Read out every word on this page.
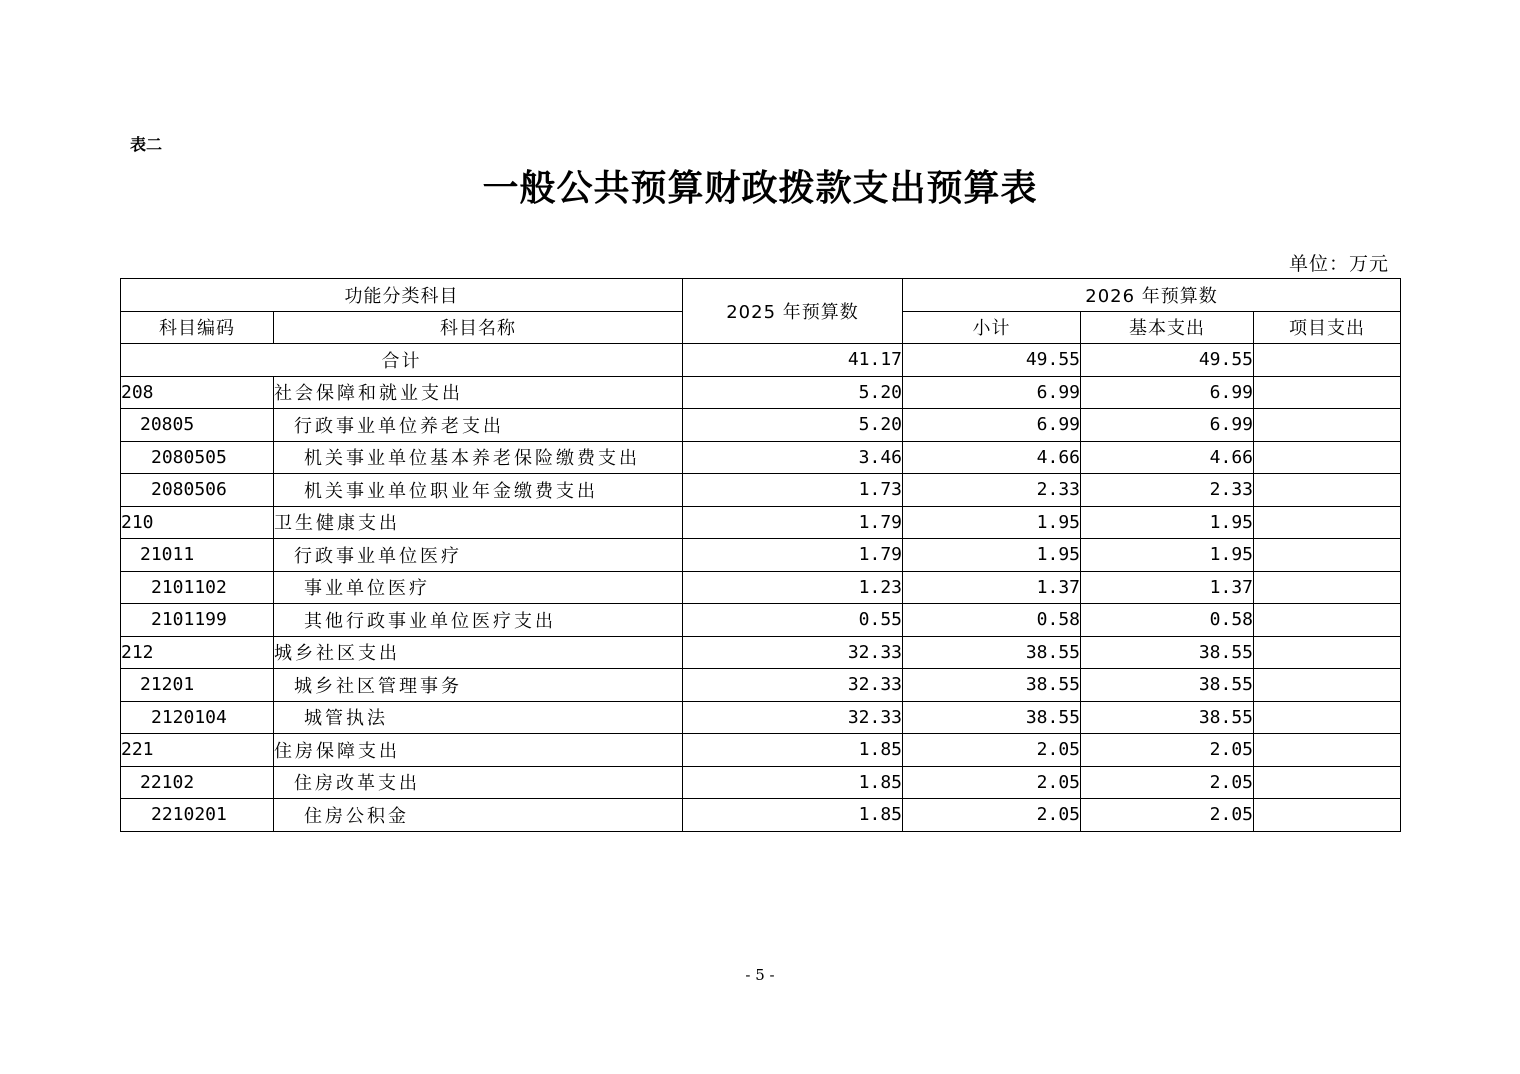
表二
一般公共预算财政拨款支出预算表
单位：万元
功能分类科目		2025 年预算数	2026 年预算数		
科目编码	科目名称		小计	基本支出	项目支出
合计		41.17	49.55	49.55	
208	社会保障和就业支出	5.20	6.99	6.99	
20805	行政事业单位养老支出	5.20	6.99	6.99	
2080505	机关事业单位基本养老保险缴费支出	3.46	4.66	4.66	
2080506	机关事业单位职业年金缴费支出	1.73	2.33	2.33	
210	卫生健康支出	1.79	1.95	1.95	
21011	行政事业单位医疗	1.79	1.95	1.95	
2101102	事业单位医疗	1.23	1.37	1.37	
2101199	其他行政事业单位医疗支出	0.55	0.58	0.58	
212	城乡社区支出	32.33	38.55	38.55	
21201	城乡社区管理事务	32.33	38.55	38.55	
2120104	城管执法	32.33	38.55	38.55	
221	住房保障支出	1.85	2.05	2.05	
22102	住房改革支出	1.85	2.05	2.05	
2210201	住房公积金	1.85	2.05	2.05	
- 5 -
